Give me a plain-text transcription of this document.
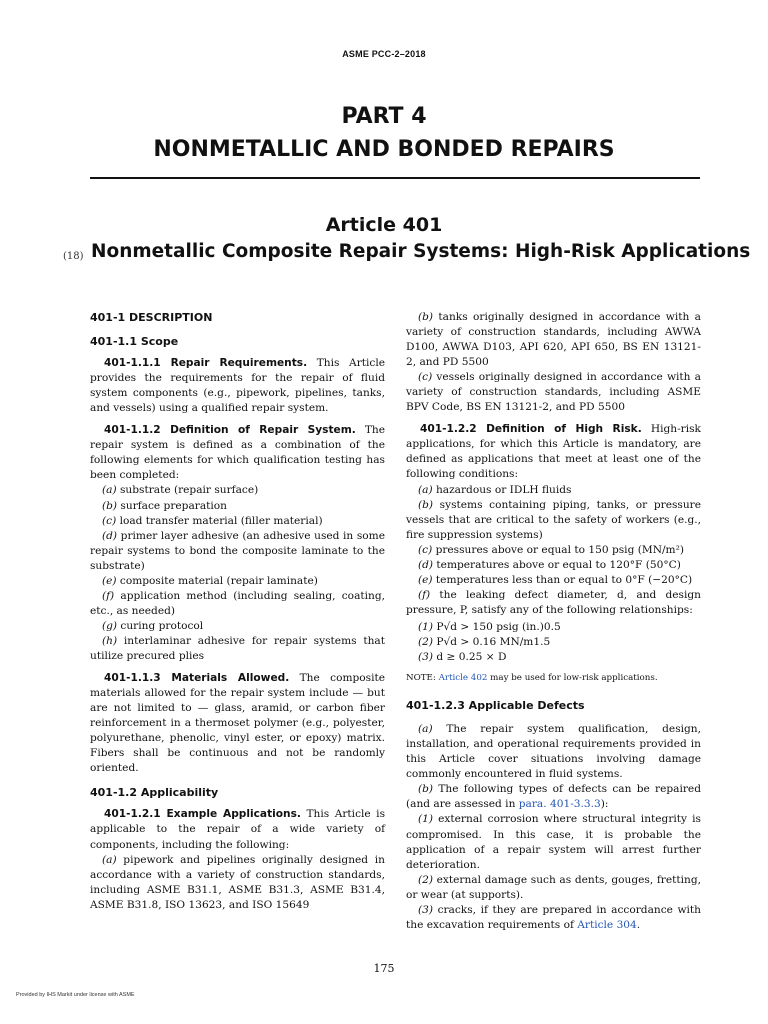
ASME PCC-2–2018
PART 4
NONMETALLIC AND BONDED REPAIRS
Article 401
(18) Nonmetallic Composite Repair Systems: High-Risk Applications

401-1 DESCRIPTION

401-1.1 Scope

401-1.1.1 Repair Requirements. This Article provides the requirements for the repair of fluid system components (e.g., pipework, pipelines, tanks, and vessels) using a qualified repair system.

401-1.1.2 Definition of Repair System. The repair system is defined as a combination of the following elements for which qualification testing has been completed:

(a) substrate (repair surface)

(b) surface preparation

(c) load transfer material (filler material)

(d) primer layer adhesive (an adhesive used in some repair systems to bond the composite laminate to the substrate)

(e) composite material (repair laminate)

(f) application method (including sealing, coating, etc., as needed)

(g) curing protocol

(h) interlaminar adhesive for repair systems that utilize precured plies

401-1.1.3 Materials Allowed. The composite materials allowed for the repair system include — but are not limited to — glass, aramid, or carbon fiber reinforcement in a thermoset polymer (e.g., polyester, polyurethane, phenolic, vinyl ester, or epoxy) matrix. Fibers shall be continuous and not be randomly oriented.

401-1.2 Applicability

401-1.2.1 Example Applications. This Article is applicable to the repair of a wide variety of components, including the following:

(a) pipework and pipelines originally designed in accordance with a variety of construction standards, including ASME B31.1, ASME B31.3, ASME B31.4, ASME B31.8, ISO 13623, and ISO 15649

(b) tanks originally designed in accordance with a variety of construction standards, including AWWA D100, AWWA D103, API 620, API 650, BS EN 13121-2, and PD 5500

(c) vessels originally designed in accordance with a variety of construction standards, including ASME BPV Code, BS EN 13121-2, and PD 5500

401-1.2.2 Definition of High Risk. High-risk applications, for which this Article is mandatory, are defined as applications that meet at least one of the following conditions:

(a) hazardous or IDLH fluids

(b) systems containing piping, tanks, or pressure vessels that are critical to the safety of workers (e.g., fire suppression systems)

(c) pressures above or equal to 150 psig (MN/m²)

(d) temperatures above or equal to 120°F (50°C)

(e) temperatures less than or equal to 0°F (−20°C)

(f) the leaking defect diameter, d, and design pressure, P, satisfy any of the following relationships:

(1) P√d > 150 psig (in.)0.5

(2) P√d > 0.16 MN/m1.5

(3) d ≥ 0.25 × D

NOTE: Article 402 may be used for low-risk applications.

401-1.2.3 Applicable Defects

(a) The repair system qualification, design, installation, and operational requirements provided in this Article cover situations involving damage commonly encountered in fluid systems.

(b) The following types of defects can be repaired (and are assessed in para. 401-3.3.3):

(1) external corrosion where structural integrity is compromised. In this case, it is probable the application of a repair system will arrest further deterioration.

(2) external damage such as dents, gouges, fretting, or wear (at supports).

(3) cracks, if they are prepared in accordance with the excavation requirements of Article 304.

175
Provided by IHS Markit under license with ASME
